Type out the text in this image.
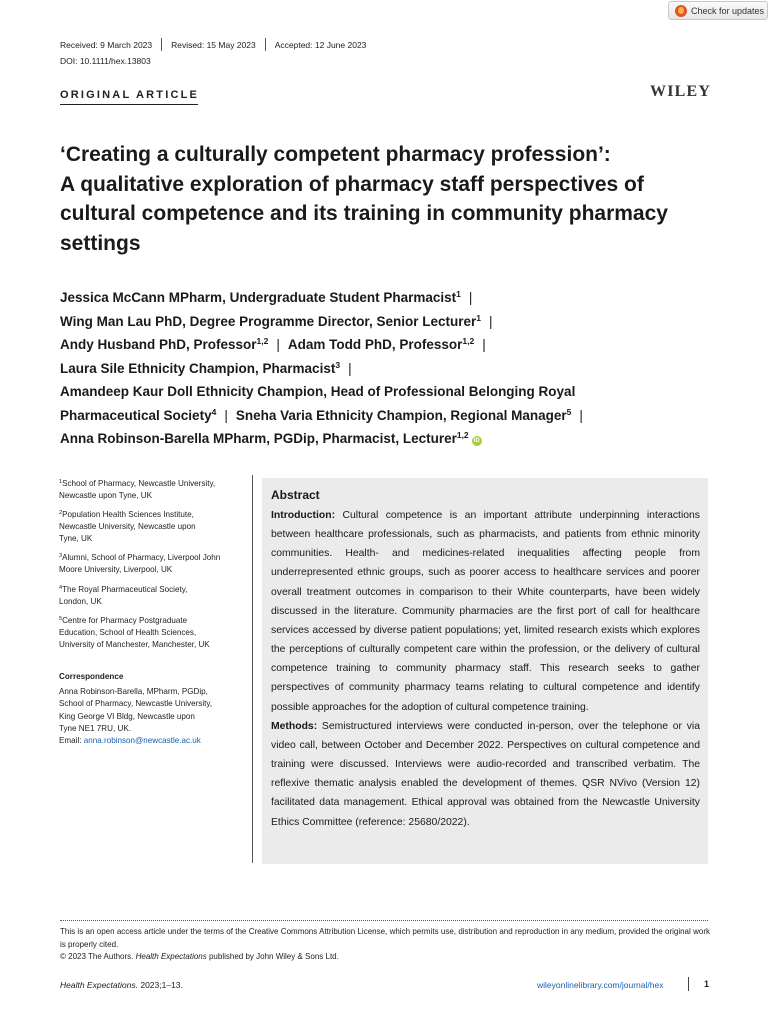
Check for updates
Received: 9 March 2023 Revised: 15 May 2023 Accepted: 12 June 2023
DOI: 10.1111/hex.13803
ORIGINAL ARTICLE	WILEY
‘Creating a culturally competent pharmacy profession’:
A qualitative exploration of pharmacy staff perspectives of
cultural competence and its training in community pharmacy
settings
Jessica McCann MPharm, Undergraduate Student Pharmacist$^1$ |
Wing Man Lau PhD, Degree Programme Director, Senior Lecturer$^1$ |
Andy Husband PhD, Professor$^{1,2}$ | Adam Todd PhD, Professor$^{1,2}$ |
Laura Sile Ethnicity Champion, Pharmacist$^3$ |
Amandeep Kaur Doll Ethnicity Champion, Head of Professional Belonging Royal
Pharmaceutical Society$^4$ | Sneha Varia Ethnicity Champion, Regional Manager$^5$ |
Anna Robinson-Barella MPharm, PGDip, Pharmacist, Lecturer$^{1,2}$iD
$^1$School of Pharmacy, Newcastle University,
Newcastle upon Tyne, UK
$^2$Population Health Sciences Institute,
Newcastle University, Newcastle upon
Tyne, UK
$^3$Alumni, School of Pharmacy, Liverpool John
Moore University, Liverpool, UK
$^4$The Royal Pharmaceutical Society,
London, UK
$^5$Centre for Pharmacy Postgraduate
Education, School of Health Sciences,
University of Manchester, Manchester, UK
Correspondence
Anna Robinson-Barella, MPharm, PGDip,
School of Pharmacy, Newcastle University,
King George VI Bldg, Newcastle upon
Tyne NE1 7RU, UK.
Email: anna.robinson@newcastle.ac.uk
Abstract

Introduction: Cultural competence is an important attribute underpinning interactions between healthcare professionals, such as pharmacists, and patients from ethnic minority communities. Health- and medicines-related inequalities affecting people from underrepresented ethnic groups, such as poorer access to healthcare services and poorer overall treatment outcomes in comparison to their White counterparts, have been widely discussed in the literature. Community pharmacies are the first port of call for healthcare services accessed by diverse patient populations; yet, limited research exists which explores the perceptions of culturally competent care within the profession, or the delivery of cultural competence training to community pharmacy staff. This research seeks to gather perspectives of community pharmacy teams relating to cultural competence and identify possible approaches for the adoption of cultural competence training.

Methods: Semistructured interviews were conducted in-person, over the telephone or via video call, between October and December 2022. Perspectives on cultural competence and training were discussed. Interviews were audio-recorded and transcribed verbatim. The reflexive thematic analysis enabled the development of themes. QSR NVivo (Version 12) facilitated data management. Ethical approval was obtained from the Newcastle University Ethics Committee (reference: 25680/2022).

This is an open access article under the terms of the Creative Commons Attribution License, which permits use, distribution and reproduction in any medium, provided the original work is properly cited.
© 2023 The Authors. Health Expectations published by John Wiley & Sons Ltd.
Health Expectations. 2023;1–13.	wileyonlinelibrary.com/journal/hex	1
